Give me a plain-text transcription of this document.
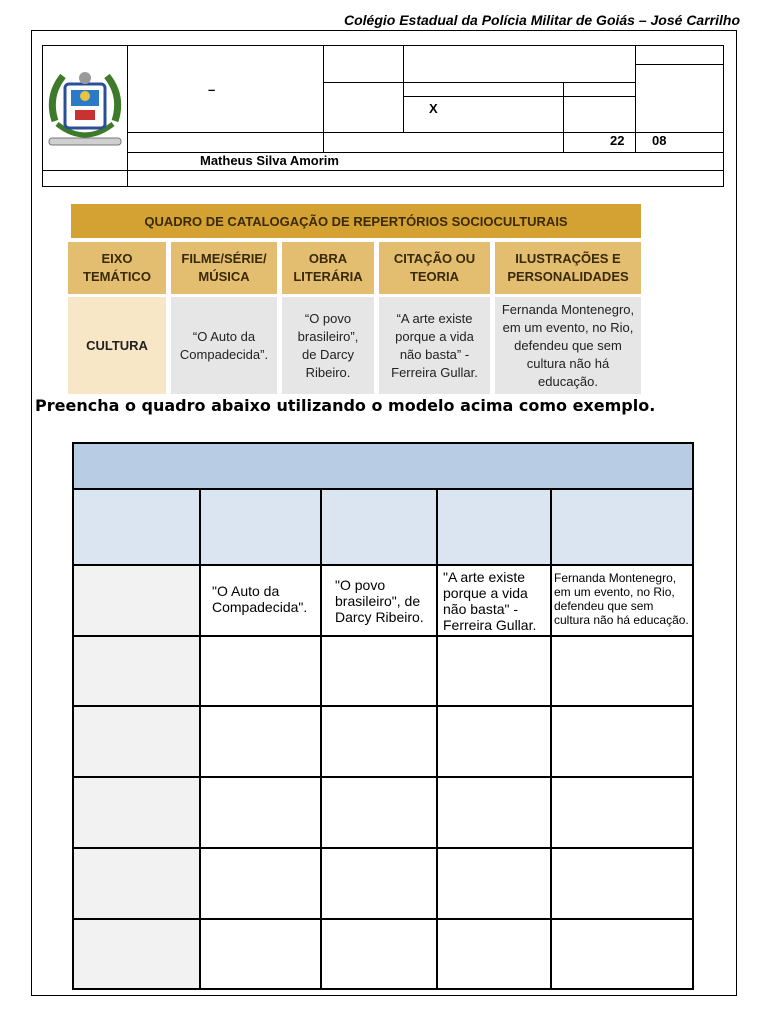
Colégio Estadual da Polícia Militar de Goiás – José Carrilho
–
X
22 08
Matheus Silva Amorim
QUADRO DE CATALOGAÇÃO DE REPERTÓRIOS SOCIOCULTURAIS
EIXO TEMÁTICO
FILME/SÉRIE/ MÚSICA
OBRA LITERÁRIA
CITAÇÃO OU TEORIA
ILUSTRAÇÕES E PERSONALIDADES
CULTURA
“O Auto da Compadecida”.
“O povo brasileiro”, de Darcy Ribeiro.
“A arte existe porque a vida não basta” - Ferreira Gullar.
Fernanda Montenegro, em um evento, no Rio, defendeu que sem cultura não há educação.
Preencha o quadro abaixo utilizando o modelo acima como exemplo.
"O Auto da Compadecida".
"O povo brasileiro", de Darcy Ribeiro.
"A arte existe porque a vida não basta" - Ferreira Gullar.
Fernanda Montenegro, em um evento, no Rio, defendeu que sem cultura não há educação.
